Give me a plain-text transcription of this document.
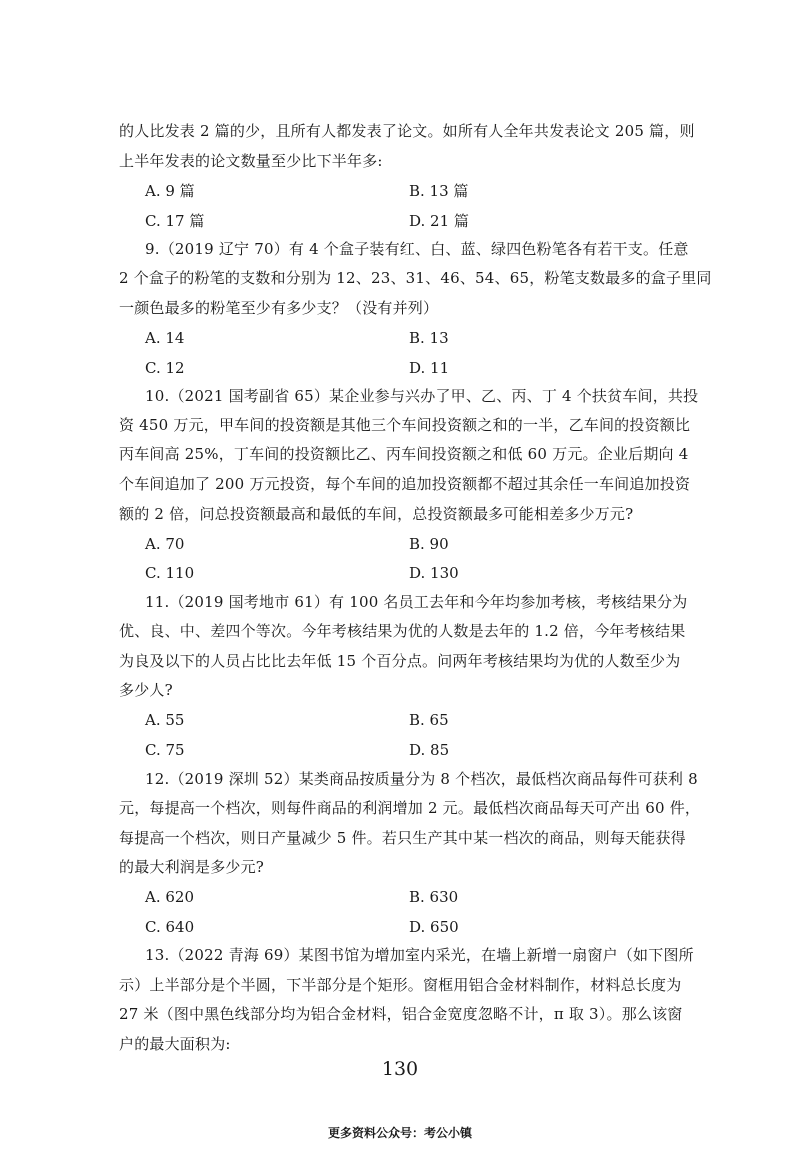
的人比发表 2 篇的少，且所有人都发表了论文。如所有人全年共发表论文 205 篇，则
上半年发表的论文数量至少比下半年多:
A. 9 篇	B. 13 篇
C. 17 篇	D. 21 篇
9.（2019 辽宁 70）有 4 个盒子装有红、白、蓝、绿四色粉笔各有若干支。任意
2 个盒子的粉笔的支数和分别为 12、23、31、46、54、65，粉笔支数最多的盒子里同
一颜色最多的粉笔至少有多少支？（没有并列）
A. 14	B. 13
C. 12	D. 11
10.（2021 国考副省 65）某企业参与兴办了甲、乙、丙、丁 4 个扶贫车间，共投
资 450 万元，甲车间的投资额是其他三个车间投资额之和的一半，乙车间的投资额比
丙车间高 25%，丁车间的投资额比乙、丙车间投资额之和低 60 万元。企业后期向 4
个车间追加了 200 万元投资，每个车间的追加投资额都不超过其余任一车间追加投资
额的 2 倍，问总投资额最高和最低的车间，总投资额最多可能相差多少万元?
A. 70	B. 90
C. 110	D. 130
11.（2019 国考地市 61）有 100 名员工去年和今年均参加考核，考核结果分为
优、良、中、差四个等次。今年考核结果为优的人数是去年的 1.2 倍，今年考核结果
为良及以下的人员占比比去年低 15 个百分点。问两年考核结果均为优的人数至少为
多少人?
A. 55	B. 65
C. 75	D. 85
12.（2019 深圳 52）某类商品按质量分为 8 个档次，最低档次商品每件可获利 8
元，每提高一个档次，则每件商品的利润增加 2 元。最低档次商品每天可产出 60 件，
每提高一个档次，则日产量减少 5 件。若只生产其中某一档次的商品，则每天能获得
的最大利润是多少元?
A. 620	B. 630
C. 640	D. 650
13.（2022 青海 69）某图书馆为增加室内采光，在墙上新增一扇窗户（如下图所
示）上半部分是个半圆，下半部分是个矩形。窗框用铝合金材料制作，材料总长度为
27 米（图中黑色线部分均为铝合金材料，铝合金宽度忽略不计，π 取 3）。那么该窗
户的最大面积为:
130
更多资料公众号：考公小镇
